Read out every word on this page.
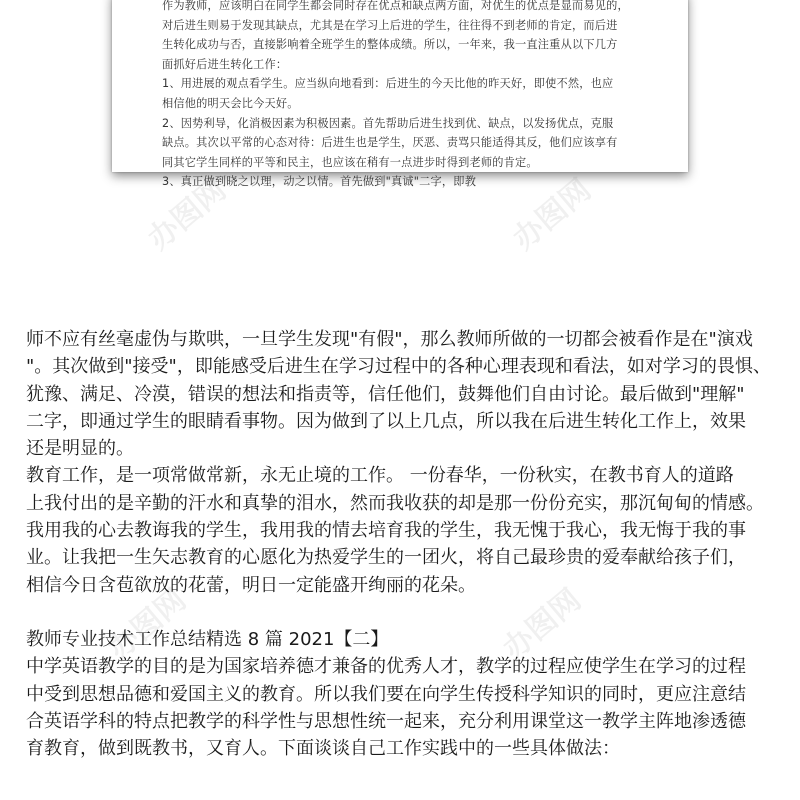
作为教师，应该明白在同学生都会同时存在优点和缺点两方面，对优生的优点是显而易见的，

对后进生则易于发现其缺点，尤其是在学习上后进的学生，往往得不到老师的肯定，而后进

生转化成功与否，直接影响着全班学生的整体成绩。所以，一年来，我一直注重从以下几方

面抓好后进生转化工作：

1、用进展的观点看学生。应当纵向地看到：后进生的今天比他的昨天好，即使不然，也应

相信他的明天会比今天好。

2、因势利导，化消极因素为积极因素。首先帮助后进生找到优、缺点，以发扬优点，克服

缺点。其次以平常的心态对待：后进生也是学生，厌恶、责骂只能适得其反，他们应该享有

同其它学生同样的平等和民主，也应该在稍有一点进步时得到老师的肯定。

3、真正做到晓之以理，动之以情。首先做到"真诚"二字，即教

办图网	办图网
办图网	办图网

师不应有丝毫虚伪与欺哄，一旦学生发现"有假"，那么教师所做的一切都会被看作是在"演戏

"。其次做到"接受"，即能感受后进生在学习过程中的各种心理表现和看法，如对学习的畏惧、

犹豫、满足、冷漠，错误的想法和指责等，信任他们，鼓舞他们自由讨论。最后做到"理解"

二字，即通过学生的眼睛看事物。因为做到了以上几点，所以我在后进生转化工作上，效果

还是明显的。

教育工作，是一项常做常新，永无止境的工作。 一份春华，一份秋实，在教书育人的道路

上我付出的是辛勤的汗水和真挚的泪水，然而我收获的却是那一份份充实，那沉甸甸的情感。

我用我的心去教诲我的学生，我用我的情去培育我的学生，我无愧于我心，我无悔于我的事

业。让我把一生矢志教育的心愿化为热爱学生的一团火，将自己最珍贵的爱奉献给孩子们，

相信今日含苞欲放的花蕾，明日一定能盛开绚丽的花朵。

教师专业技术工作总结精选 8 篇 2021【二】

中学英语教学的目的是为国家培养德才兼备的优秀人才，教学的过程应使学生在学习的过程

中受到思想品德和爱国主义的教育。所以我们要在向学生传授科学知识的同时，更应注意结

合英语学科的特点把教学的科学性与思想性统一起来，充分利用课堂这一教学主阵地渗透德

育教育，做到既教书，又育人。下面谈谈自己工作实践中的一些具体做法：
